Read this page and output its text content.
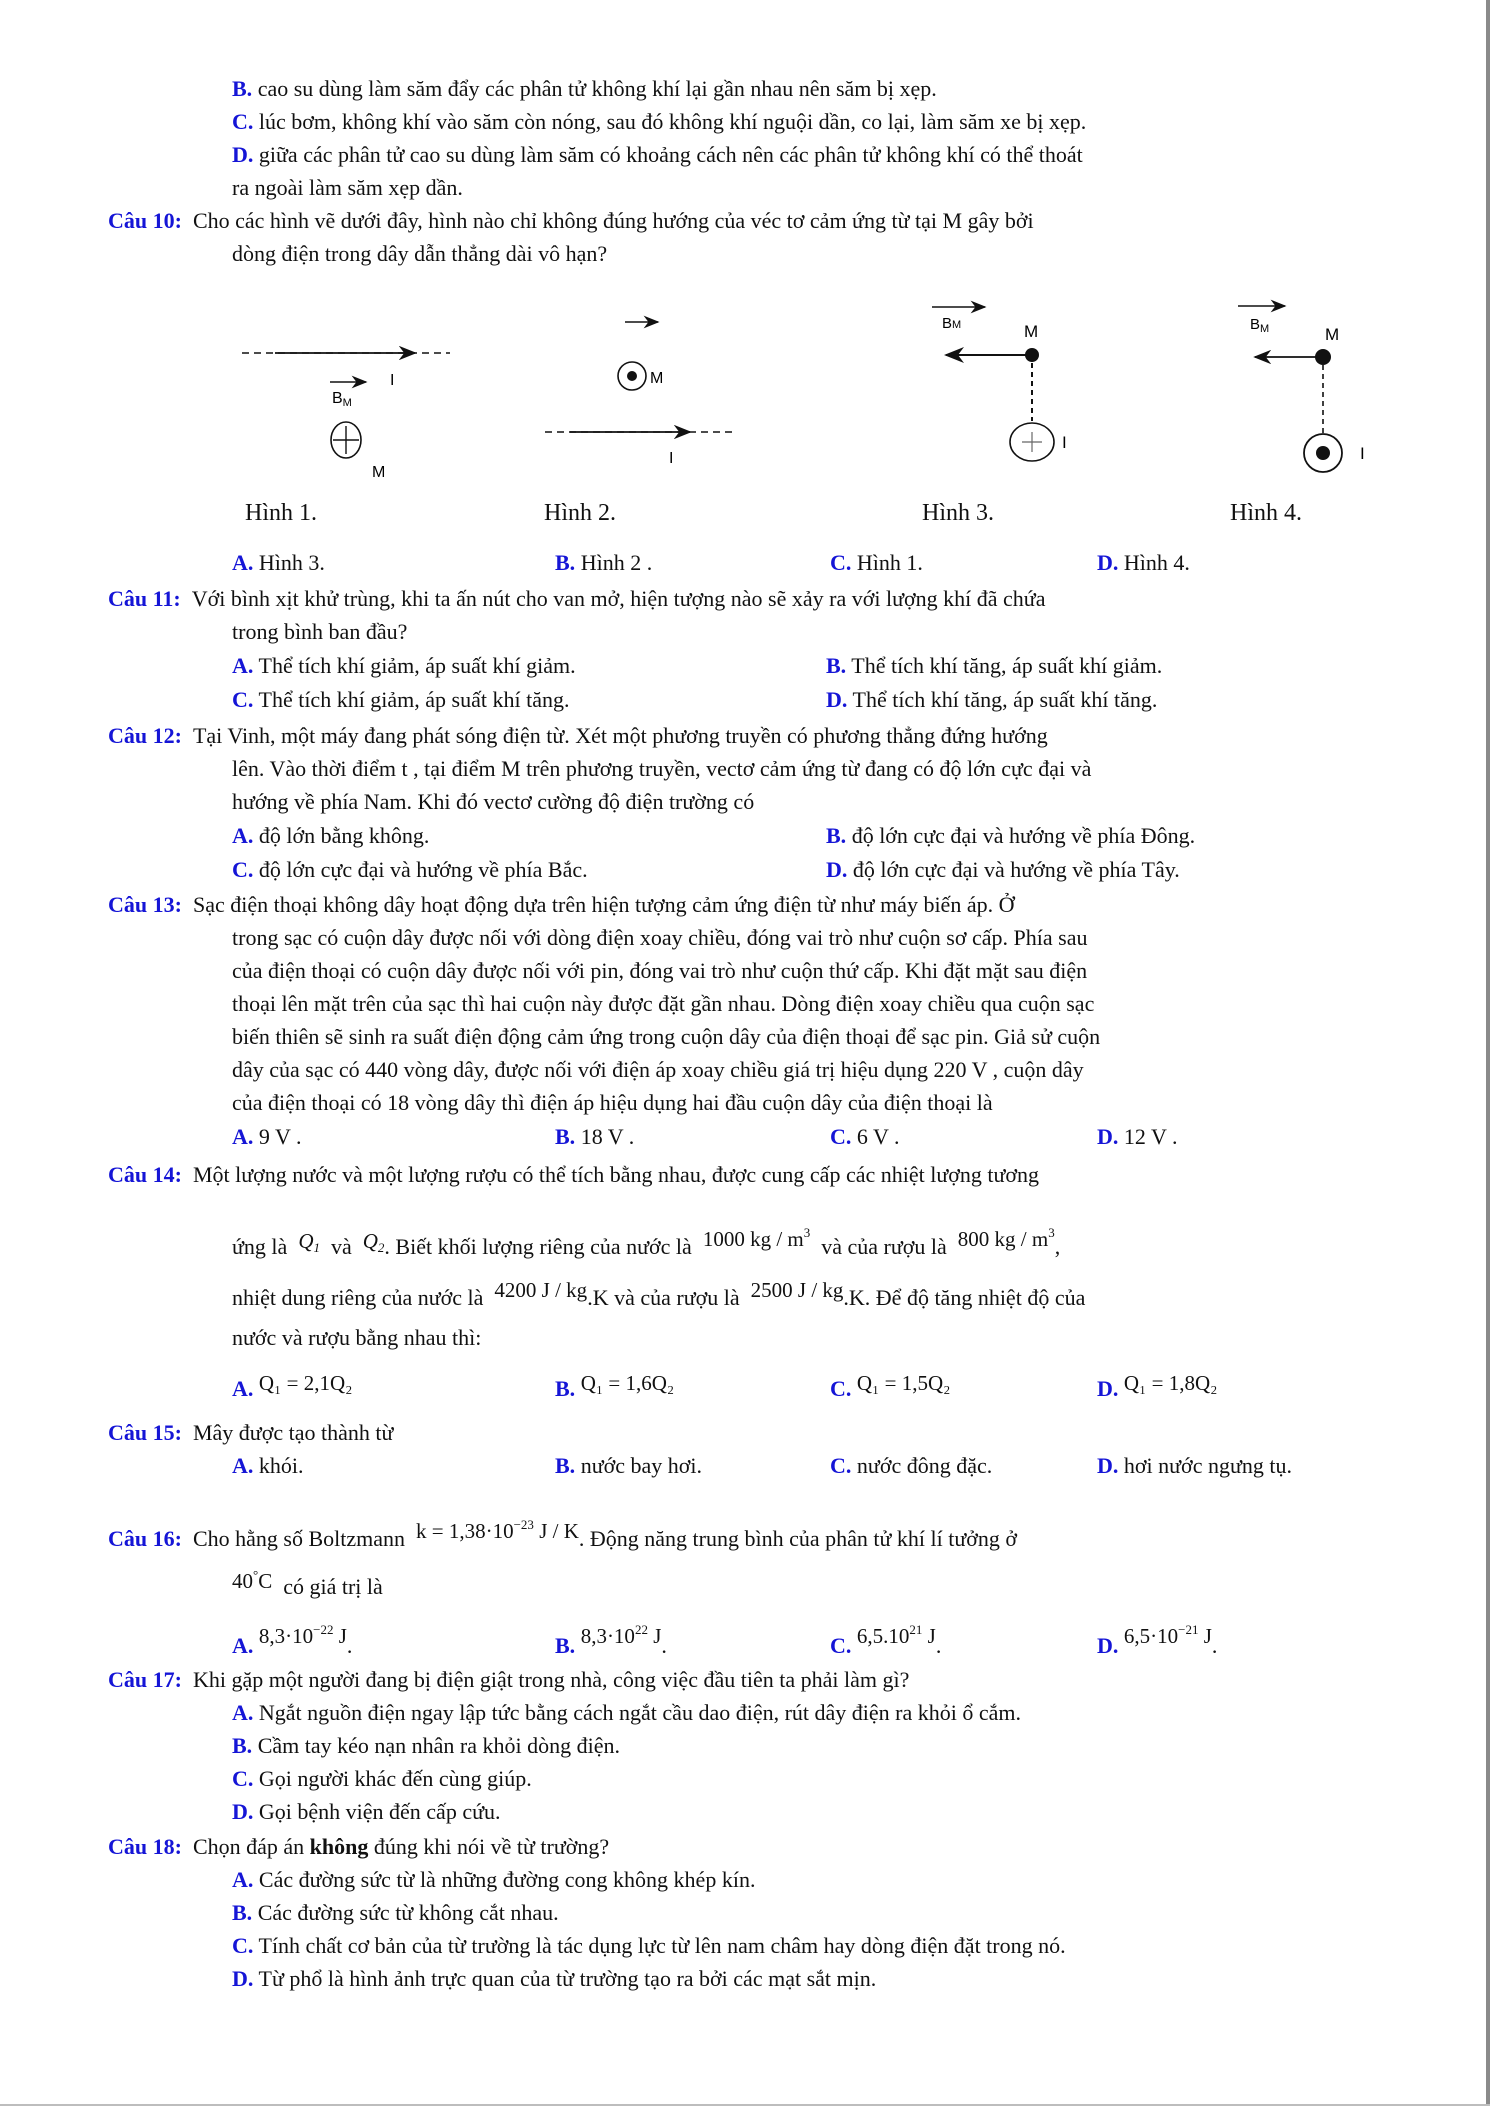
B. cao su dùng làm săm đẩy các phân tử không khí lại gần nhau nên săm bị xẹp.
C. lúc bơm, không khí vào săm còn nóng, sau đó không khí nguội dần, co lại, làm săm xe bị xẹp.
D. giữa các phân tử cao su dùng làm săm có khoảng cách nên các phân tử không khí có thể thoát
ra ngoài làm săm xẹp dần.
Câu 10: Cho các hình vẽ dưới đây, hình nào chỉ không đúng hướng của véc tơ cảm ứng từ tại M gây bởi
dòng điện trong dây dẫn thẳng dài vô hạn?
I
BM
M
M
I
BM	M
I
$B_M$	M
I
Hình 1.	Hình 2.	Hình 3.	Hình 4.
A. Hình 3.	B. Hình 2 .	C. Hình 1.	D. Hình 4.
Câu 11: Với bình xịt khử trùng, khi ta ấn nút cho van mở, hiện tượng nào sẽ xảy ra với lượng khí đã chứa
trong bình ban đầu?
A. Thể tích khí giảm, áp suất khí giảm.	B. Thể tích khí tăng, áp suất khí giảm.
C. Thể tích khí giảm, áp suất khí tăng.	D. Thể tích khí tăng, áp suất khí tăng.
Câu 12: Tại Vinh, một máy đang phát sóng điện từ. Xét một phương truyền có phương thẳng đứng hướng
lên. Vào thời điểm t , tại điểm M trên phương truyền, vectơ cảm ứng từ đang có độ lớn cực đại và
hướng về phía Nam. Khi đó vectơ cường độ điện trường có
A. độ lớn bằng không.	B. độ lớn cực đại và hướng về phía Đông.
C. độ lớn cực đại và hướng về phía Bắc.	D. độ lớn cực đại và hướng về phía Tây.
Câu 13: Sạc điện thoại không dây hoạt động dựa trên hiện tượng cảm ứng điện từ như máy biến áp. Ở
trong sạc có cuộn dây được nối với dòng điện xoay chiều, đóng vai trò như cuộn sơ cấp. Phía sau
của điện thoại có cuộn dây được nối với pin, đóng vai trò như cuộn thứ cấp. Khi đặt mặt sau điện
thoại lên mặt trên của sạc thì hai cuộn này được đặt gần nhau. Dòng điện xoay chiều qua cuộn sạc
biến thiên sẽ sinh ra suất điện động cảm ứng trong cuộn dây của điện thoại để sạc pin. Giả sử cuộn
dây của sạc có 440 vòng dây, được nối với điện áp xoay chiều giá trị hiệu dụng 220 V , cuộn dây
của điện thoại có 18 vòng dây thì điện áp hiệu dụng hai đầu cuộn dây của điện thoại là
A. 9 V .	B. 18 V .	C. 6 V .	D. 12 V .
Câu 14: Một lượng nước và một lượng rượu có thể tích bằng nhau, được cung cấp các nhiệt lượng tương
ứng là $Q_1$ và $Q_2$. Biết khối lượng riêng của nước là 1000 kg / $m^3$  và của rượu là 800 kg / $m^3$,
nhiệt dung riêng của nước là 4200 J / kg.K và của rượu là 2500 J / kg.K. Để độ tăng nhiệt độ của
nước và rượu bằng nhau thì:
A. Q₁ = 2,1Q₂	B. Q₁ = 1,6Q₂	C. Q₁ = 1,5Q₂	D. Q₁ = 1,8Q₂
Câu 15: Mây được tạo thành từ
A. khói.	B. nước bay hơi.	C. nước đông đặc.	D. hơi nước ngưng tụ.
Câu 16: Cho hằng số Boltzmann $k = 1,38\cdot 10^{-23}$ J / K. Động năng trung bình của phân tử khí lí tưởng ở
40°C có giá trị là
A. $8,3\cdot 10^{-22}$ J.	B. $8,3\cdot 10^{22}$ J.	C. 6,5.10$^{21}$ J.	D. $6,5\cdot 10^{-21}$ J.
Câu 17: Khi gặp một người đang bị điện giật trong nhà, công việc đầu tiên ta phải làm gì?
A. Ngắt nguồn điện ngay lập tức bằng cách ngắt cầu dao điện, rút dây điện ra khỏi ổ cắm.
B. Cầm tay kéo nạn nhân ra khỏi dòng điện.
C. Gọi người khác đến cùng giúp.
D. Gọi bệnh viện đến cấp cứu.
Câu 18: Chọn đáp án không đúng khi nói về từ trường?
A. Các đường sức từ là những đường cong không khép kín.
B. Các đường sức từ không cắt nhau.
C. Tính chất cơ bản của từ trường là tác dụng lực từ lên nam châm hay dòng điện đặt trong nó.
D. Từ phổ là hình ảnh trực quan của từ trường tạo ra bởi các mạt sắt mịn.
